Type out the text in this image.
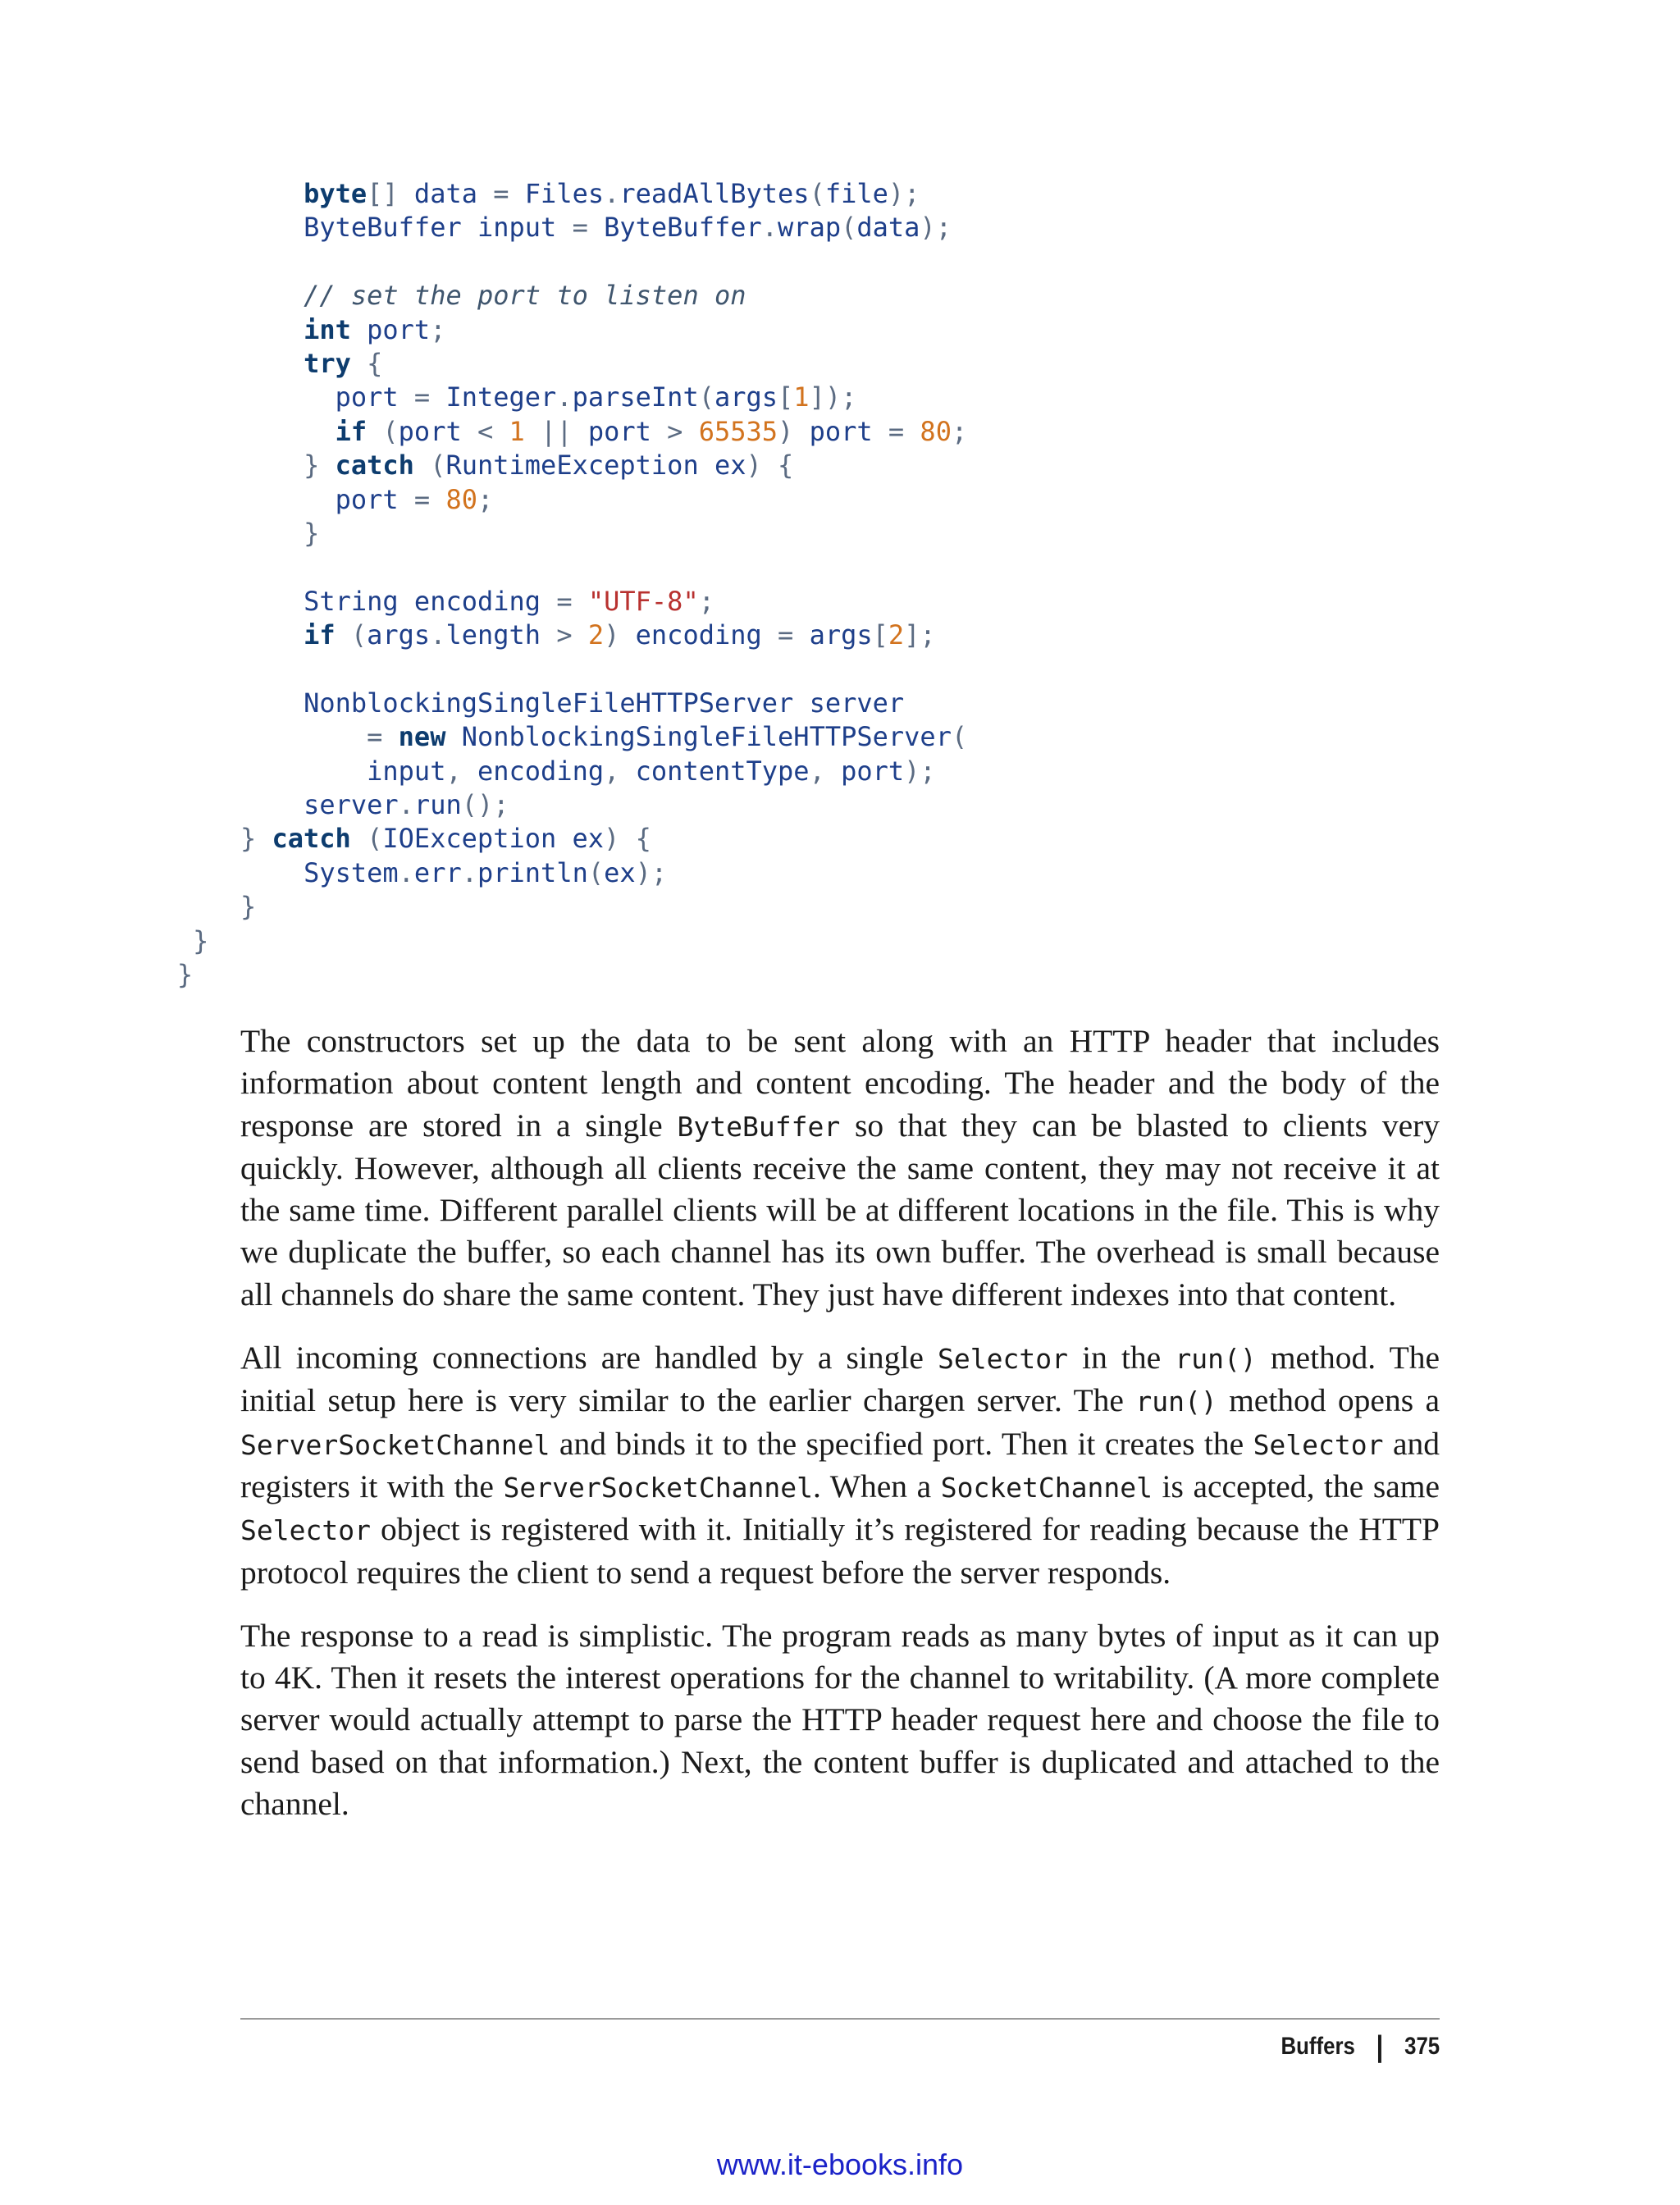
byte[] data = Files.readAllBytes(file);
ByteBuffer input = ByteBuffer.wrap(data);
// set the port to listen on
int port;
try {
port = Integer.parseInt(args[1]);
if (port < 1 || port > 65535) port = 80;
} catch (RuntimeException ex) {
port = 80;
}
String encoding = "UTF-8";
if (args.length > 2) encoding = args[2];
NonblockingSingleFileHTTPServer server
= new NonblockingSingleFileHTTPServer(
input, encoding, contentType, port);
server.run();
} catch (IOException ex) {
System.err.println(ex);
}
}
}

The constructors set up the data to be sent along with an HTTP header that includes information about content length and content encoding. The header and the body of the response are stored in a single ByteBuffer so that they can be blasted to clients very quickly. However, although all clients receive the same content, they may not receive it at the same time. Different parallel clients will be at different locations in the file. This is why we duplicate the buffer, so each channel has its own buffer. The overhead is small because all channels do share the same content. They just have different indexes into that content.

All incoming connections are handled by a single Selector in the run() method. The initial setup here is very similar to the earlier chargen server. The run() method opens a ServerSocketChannel and binds it to the specified port. Then it creates the Selector and registers it with the ServerSocketChannel. When a SocketChannel is accepted, the same Selector object is registered with it. Initially it’s registered for reading because the HTTP protocol requires the client to send a request before the server responds.

The response to a read is simplistic. The program reads as many bytes of input as it can up to 4K. Then it resets the interest operations for the channel to writability. (A more complete server would actually attempt to parse the HTTP header request here and choose the file to send based on that information.) Next, the content buffer is duplicated and attached to the channel.

Buffers | 375
www.it-ebooks.info
